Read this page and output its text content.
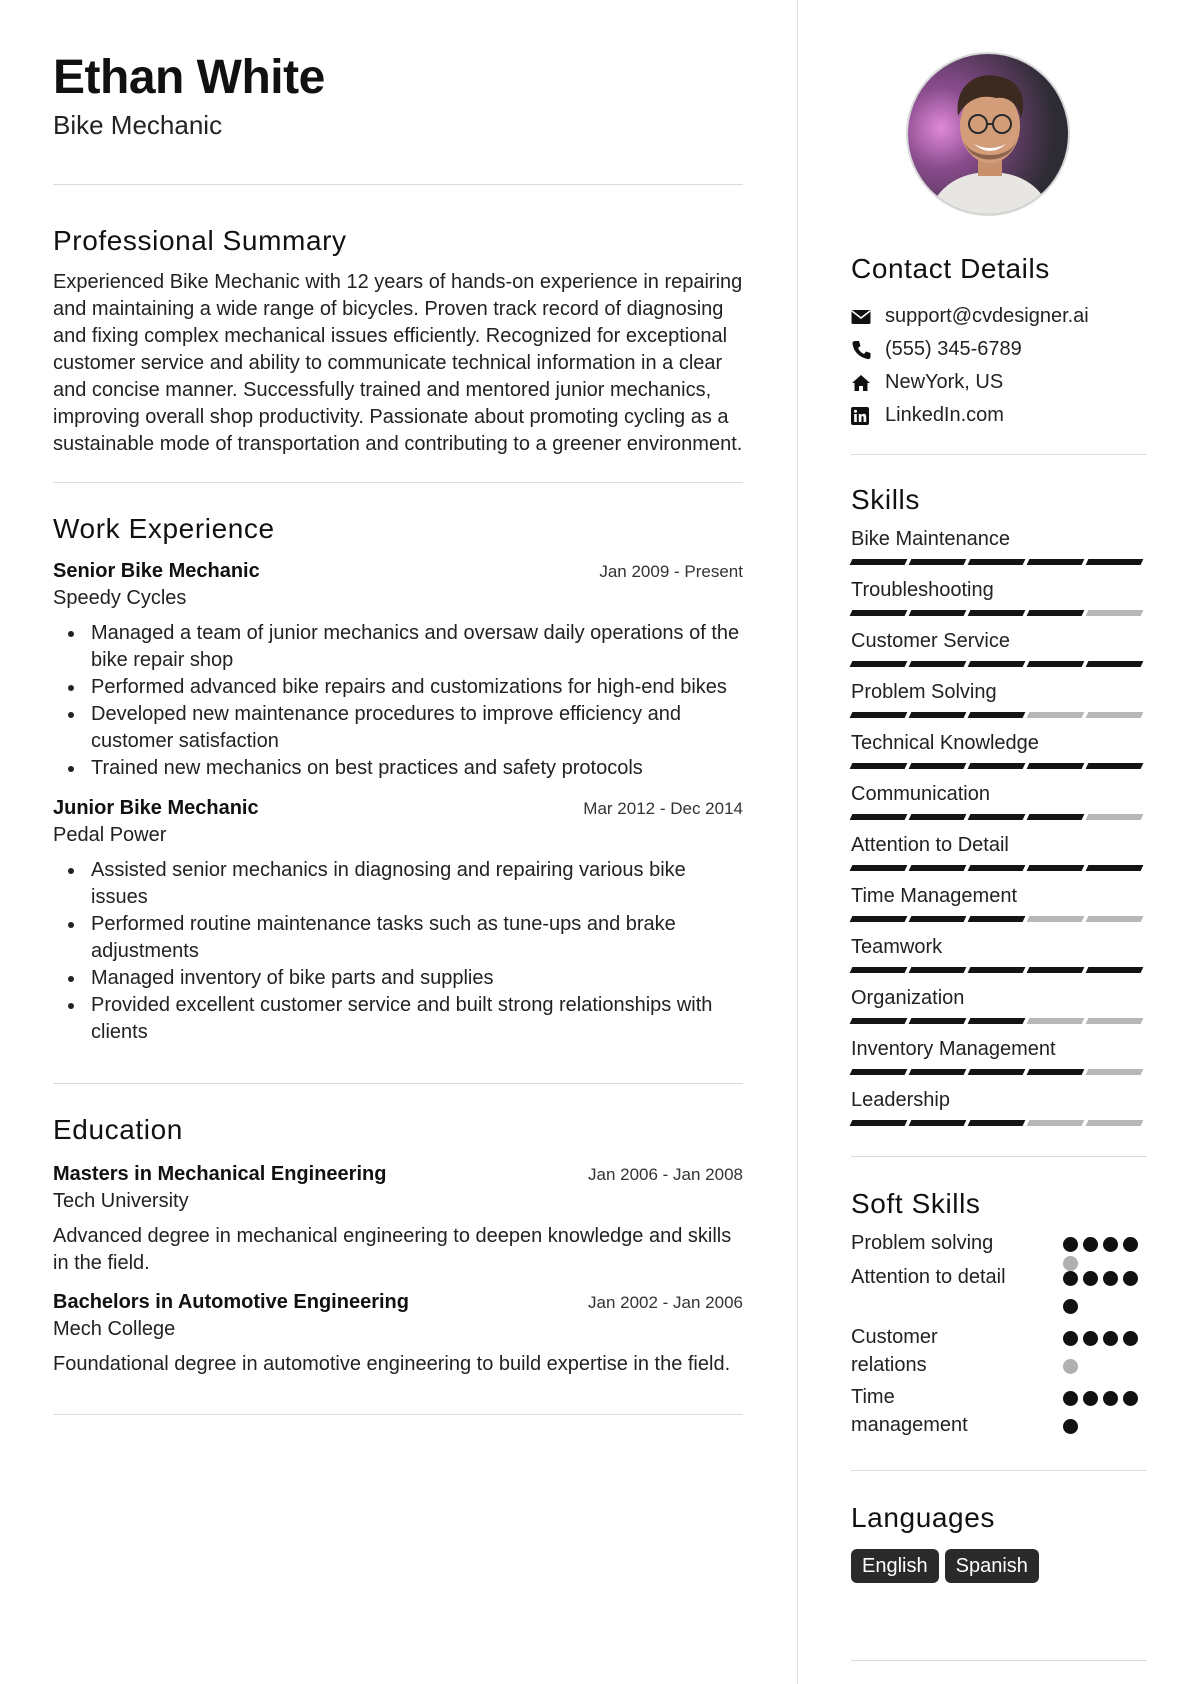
Ethan White
Bike Mechanic
Professional Summary
Experienced Bike Mechanic with 12 years of hands-on experience in repairing and maintaining a wide range of bicycles. Proven track record of diagnosing and fixing complex mechanical issues efficiently. Recognized for exceptional customer service and ability to communicate technical information in a clear and concise manner. Successfully trained and mentored junior mechanics, improving overall shop productivity. Passionate about promoting cycling as a sustainable mode of transportation and contributing to a greener environment.
Work Experience
Senior Bike Mechanic	Jan 2009 - Present
Speedy Cycles
Managed a team of junior mechanics and oversaw daily operations of the bike repair shop
Performed advanced bike repairs and customizations for high-end bikes
Developed new maintenance procedures to improve efficiency and customer satisfaction
Trained new mechanics on best practices and safety protocols
Junior Bike Mechanic	Mar 2012 - Dec 2014
Pedal Power
Assisted senior mechanics in diagnosing and repairing various bike issues
Performed routine maintenance tasks such as tune-ups and brake adjustments
Managed inventory of bike parts and supplies
Provided excellent customer service and built strong relationships with clients
Education
Masters in Mechanical Engineering	Jan 2006 - Jan 2008
Tech University
Advanced degree in mechanical engineering to deepen knowledge and skills in the field.
Bachelors in Automotive Engineering	Jan 2002 - Jan 2006
Mech College
Foundational degree in automotive engineering to build expertise in the field.
Contact Details
support@cvdesigner.ai
(555) 345-6789
NewYork, US
LinkedIn.com
Skills
Bike Maintenance
Troubleshooting
Customer Service
Problem Solving
Technical Knowledge
Communication
Attention to Detail
Time Management
Teamwork
Organization
Inventory Management
Leadership
Soft Skills
Problem solving
Attention to detail
Customer relations
Time management
Languages
English	Spanish
